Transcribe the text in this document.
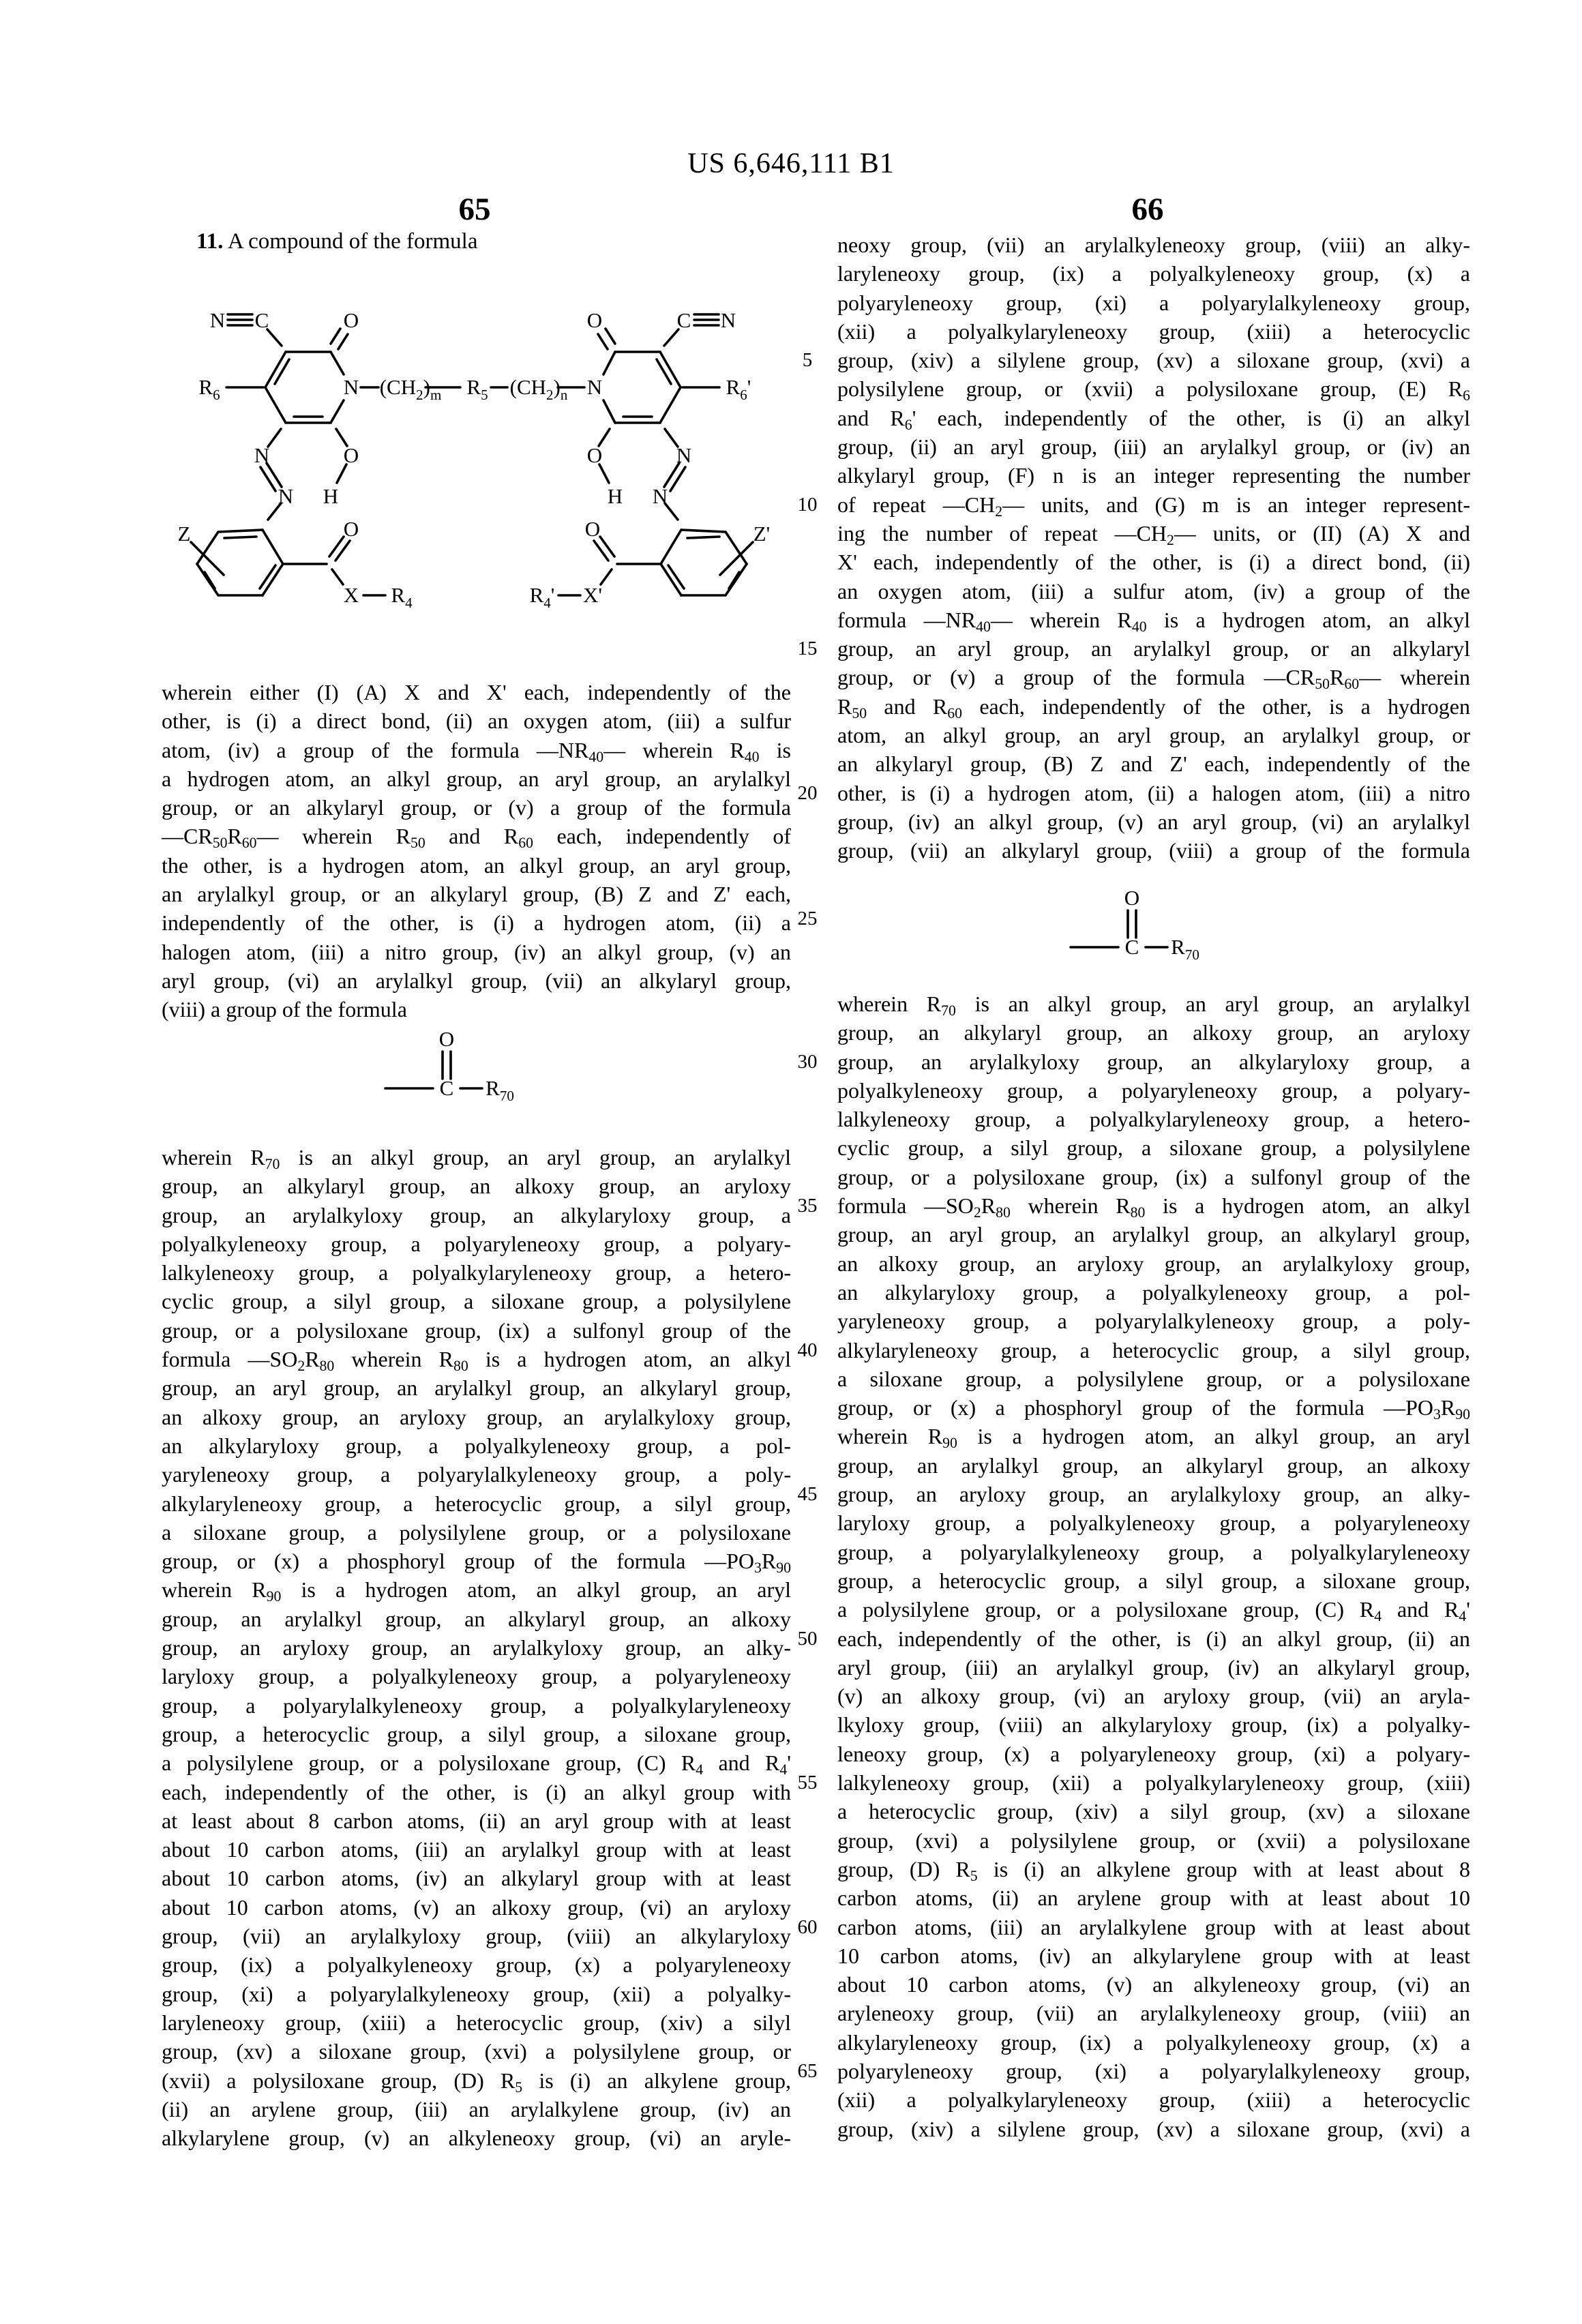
US 6,646,111 B1
65	66
11. A compound of the formula
N C	O
$R_6$	N
N
N
O
H
Z	O
X $R_4$
$(CH_2)_m$ $R_5$ $(CH_2)_n$
O	C N
$R_6'$
N
N
N
O
H
Z'
O
X'
$R_4'$
wherein either (I) (A) X and X' each, independently of the
other, is (i) a direct bond, (ii) an oxygen atom, (iii) a sulfur
atom, (iv) a group of the formula $—NR_{40}—$ wherein $R_{40}$ is
a hydrogen atom, an alkyl group, an aryl group, an arylalkyl
group, or an alkylaryl group, or (v) a group of the formula
$—CR_{50}R_{60}—$ wherein $R_{50}$ and $R_{60}$ each, independently of
the other, is a hydrogen atom, an alkyl group, an aryl group,
an arylalkyl group, or an alkylaryl group, (B) Z and Z' each,
independently of the other, is (i) a hydrogen atom, (ii) a
halogen atom, (iii) a nitro group, (iv) an alkyl group, (v) an
aryl group, (vi) an arylalkyl group, (vii) an alkylaryl group,
(viii) a group of the formula
O
C $R_{70}$
wherein $R_{70}$ is an alkyl group, an aryl group, an arylalkyl
group, an alkylaryl group, an alkoxy group, an aryloxy
group, an arylalkyloxy group, an alkylaryloxy group, a
polyalkyleneoxy group, a polyaryleneoxy group, a polyary-
lalkyleneoxy group, a polyalkylaryleneoxy group, a hetero-
cyclic group, a silyl group, a siloxane group, a polysilylene
group, or a polysiloxane group, (ix) a sulfonyl group of the
formula $—SO_2R_{80}$ wherein $R_{80}$ is a hydrogen atom, an alkyl
group, an aryl group, an arylalkyl group, an alkylaryl group,
an alkoxy group, an aryloxy group, an arylalkyloxy group,
an alkylaryloxy group, a polyalkyleneoxy group, a pol-
yaryleneoxy group, a polyarylalkyleneoxy group, a poly-
alkylaryleneoxy group, a heterocyclic group, a silyl group,
a siloxane group, a polysilylene group, or a polysiloxane
group, or (x) a phosphoryl group of the formula $—PO_3R_{90}$
wherein $R_{90}$ is a hydrogen atom, an alkyl group, an aryl
group, an arylalkyl group, an alkylaryl group, an alkoxy
group, an aryloxy group, an arylalkyloxy group, an alky-
laryloxy group, a polyalkyleneoxy group, a polyaryleneoxy
group, a polyarylalkyleneoxy group, a polyalkylaryleneoxy
group, a heterocyclic group, a silyl group, a siloxane group,
a polysilylene group, or a polysiloxane group, (C) $R_4$ and $R_4'$
each, independently of the other, is (i) an alkyl group with
at least about 8 carbon atoms, (ii) an aryl group with at least
about 10 carbon atoms, (iii) an arylalkyl group with at least
about 10 carbon atoms, (iv) an alkylaryl group with at least
about 10 carbon atoms, (v) an alkoxy group, (vi) an aryloxy
group, (vii) an arylalkyloxy group, (viii) an alkylaryloxy
group, (ix) a polyalkyleneoxy group, (x) a polyaryleneoxy
group, (xi) a polyarylalkyleneoxy group, (xii) a polyalky-
laryleneoxy group, (xiii) a heterocyclic group, (xiv) a silyl
group, (xv) a siloxane group, (xvi) a polysilylene group, or
(xvii) a polysiloxane group, (D) $R_5$ is (i) an alkylene group,
(ii) an arylene group, (iii) an arylalkylene group, (iv) an
alkylarylene group, (v) an alkyleneoxy group, (vi) an aryle-
neoxy group, (vii) an arylalkyleneoxy group, (viii) an alky-
laryleneoxy group, (ix) a polyalkyleneoxy group, (x) a
polyaryleneoxy group, (xi) a polyarylalkyleneoxy group,
(xii) a polyalkylaryleneoxy group, (xiii) a heterocyclic
group, (xiv) a silylene group, (xv) a siloxane group, (xvi) a
polysilylene group, or (xvii) a polysiloxane group, (E) $R_6$
and $R_6'$ each, independently of the other, is (i) an alkyl
group, (ii) an aryl group, (iii) an arylalkyl group, or (iv) an
alkylaryl group, (F) n is an integer representing the number
of repeat $—CH_2—$ units, and (G) m is an integer represent-
ing the number of repeat $—CH_2—$ units, or (II) (A) X and
X' each, independently of the other, is (i) a direct bond, (ii)
an oxygen atom, (iii) a sulfur atom, (iv) a group of the
formula $—NR_{40}—$ wherein $R_{40}$ is a hydrogen atom, an alkyl
group, an aryl group, an arylalkyl group, or an alkylaryl
group, or (v) a group of the formula $—CR_{50}R_{60}—$ wherein
$R_{50}$ and $R_{60}$ each, independently of the other, is a hydrogen
atom, an alkyl group, an aryl group, an arylalkyl group, or
an alkylaryl group, (B) Z and Z' each, independently of the
other, is (i) a hydrogen atom, (ii) a halogen atom, (iii) a nitro
group, (iv) an alkyl group, (v) an aryl group, (vi) an arylalkyl
group, (vii) an alkylaryl group, (viii) a group of the formula
O
C $R_{70}$
wherein $R_{70}$ is an alkyl group, an aryl group, an arylalkyl
group, an alkylaryl group, an alkoxy group, an aryloxy
group, an arylalkyloxy group, an alkylaryloxy group, a
polyalkyleneoxy group, a polyaryleneoxy group, a polyary-
lalkyleneoxy group, a polyalkylaryleneoxy group, a hetero-
cyclic group, a silyl group, a siloxane group, a polysilylene
group, or a polysiloxane group, (ix) a sulfonyl group of the
formula $—SO_2R_{80}$ wherein $R_{80}$ is a hydrogen atom, an alkyl
group, an aryl group, an arylalkyl group, an alkylaryl group,
an alkoxy group, an aryloxy group, an arylalkyloxy group,
an alkylaryloxy group, a polyalkyleneoxy group, a pol-
yaryleneoxy group, a polyarylalkyleneoxy group, a poly-
alkylaryleneoxy group, a heterocyclic group, a silyl group,
a siloxane group, a polysilylene group, or a polysiloxane
group, or (x) a phosphoryl group of the formula $—PO_3R_{90}$
wherein $R_{90}$ is a hydrogen atom, an alkyl group, an aryl
group, an arylalkyl group, an alkylaryl group, an alkoxy
group, an aryloxy group, an arylalkyloxy group, an alky-
laryloxy group, a polyalkyleneoxy group, a polyaryleneoxy
group, a polyarylalkyleneoxy group, a polyalkylaryleneoxy
group, a heterocyclic group, a silyl group, a siloxane group,
a polysilylene group, or a polysiloxane group, (C) $R_4$ and $R_4'$
each, independently of the other, is (i) an alkyl group, (ii) an
aryl group, (iii) an arylalkyl group, (iv) an alkylaryl group,
(v) an alkoxy group, (vi) an aryloxy group, (vii) an aryla-
lkyloxy group, (viii) an alkylaryloxy group, (ix) a polyalky-
leneoxy group, (x) a polyaryleneoxy group, (xi) a polyary-
lalkyleneoxy group, (xii) a polyalkylaryleneoxy group, (xiii)
a heterocyclic group, (xiv) a silyl group, (xv) a siloxane
group, (xvi) a polysilylene group, or (xvii) a polysiloxane
group, (D) $R_5$ is (i) an alkylene group with at least about 8
carbon atoms, (ii) an arylene group with at least about 10
carbon atoms, (iii) an arylalkylene group with at least about
10 carbon atoms, (iv) an alkylarylene group with at least
about 10 carbon atoms, (v) an alkyleneoxy group, (vi) an
aryleneoxy group, (vii) an arylalkyleneoxy group, (viii) an
alkylaryleneoxy group, (ix) a polyalkyleneoxy group, (x) a
polyaryleneoxy group, (xi) a polyarylalkyleneoxy group,
(xii) a polyalkylaryleneoxy group, (xiii) a heterocyclic
group, (xiv) a silylene group, (xv) a siloxane group, (xvi) a
5
10
15
20
25
30
35
40
45
50
55
60
65
